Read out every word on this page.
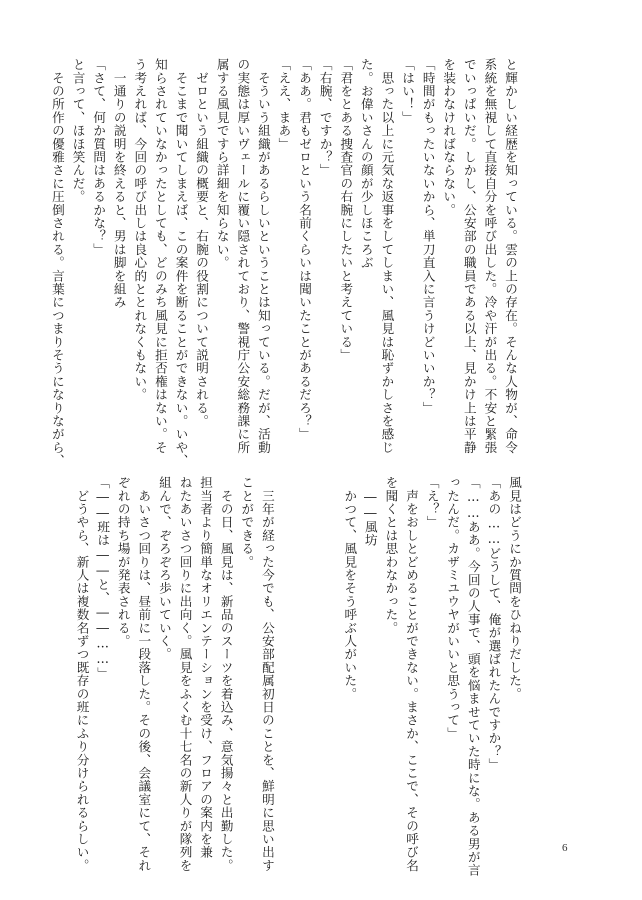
と輝かしい経歴を知っている。雲の上の存在。そんな人物が、命令
系統を無視して直接自分を呼び出した。冷や汗が出る。不安と緊張
でいっぱいだ。しかし、公安部の職員である以上、見かけ上は平静
を装わなければならない。
「時間がもったいないから、単刀直入に言うけどいいか？」
「はい！」
　思った以上に元気な返事をしてしまい、風見は恥ずかしさを感じ
た。お偉いさんの顔が少しほころぶ
「君をとある捜査官の右腕にしたいと考えている」
「右腕、ですか？」
「ああ。君もゼロという名前くらいは聞いたことがあるだろ？」
「ええ、まあ」
　そういう組織があるらしいということは知っている。だが、活動
の実態は厚いヴェールに覆い隠されており、警視庁公安総務課に所
属する風見ですら詳細を知らない。
　ゼロという組織の概要と、右腕の役割について説明される。
　そこまで聞いてしまえば、この案件を断ることができない。いや、
知らされていなかったとしても、どのみち風見に拒否権はない。そ
う考えれば、今回の呼び出しは良心的ととれなくもない。
　一通りの説明を終えると、男は脚を組み
「さて、何か質問はあるかな？」
と言って、ほほ笑んだ。
　その所作の優雅さに圧倒される。言葉につまりそうになりながら、
風見はどうにか質問をひねりだした。
「あの……どうして、俺が選ばれたんですか？」
「……ああ。今回の人事で、頭を悩ませていた時にな。ある男が言
ったんだ。カザミユウヤがいいと思うって」
「え？」
　声をおしとどめることができない。まさか、ここで、その呼び名
を聞くとは思わなかった。
　――風坊
　かつて、風見をそう呼ぶ人がいた。

　三年が経った今でも、公安部配属初日のことを、鮮明に思い出す
ことができる。
　その日、風見は、新品のスーツを着込み、意気揚々と出勤した。
担当者より簡単なオリエンテーションを受け、フロアの案内を兼
ねたあいさつ回りに出向く。風見をふくむ十七名の新人りが隊列を
組んで、ぞろぞろ歩いていく。
　あいさつ回りは、昼前に一段落した。その後、会議室にて、それ
ぞれの持ち場が発表される。
「――班は――と、――……」
　どうやら、新人は複数名ずつ既存の班にふり分けられるらしい。	6
